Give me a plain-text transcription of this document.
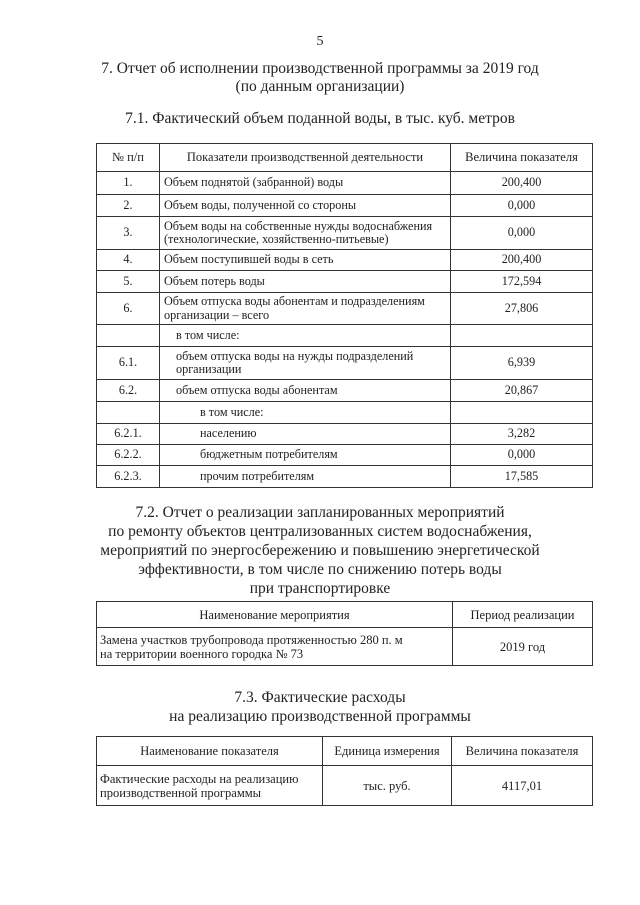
5
7. Отчет об исполнении производственной программы за 2019 год
(по данным организации)
7.1. Фактический объем поданной воды, в тыс. куб. метров
№ п/п	Показатели производственной деятельности	Величина показателя
1.	Объем поднятой (забранной) воды	200,400
2.	Объем воды, полученной со стороны	0,000
3.	Объем воды на собственные нужды водоснабжения (технологические, хозяйственно-питьевые)	0,000
4.	Объем поступившей воды в сеть	200,400
5.	Объем потерь воды	172,594
6.	Объем отпуска воды абонентам и подразделениям организации – всего	27,806
	в том числе:	
6.1.	объем отпуска воды на нужды подразделений организации	6,939
6.2.	объем отпуска воды абонентам	20,867
	в том числе:	
6.2.1.	населению	3,282
6.2.2.	бюджетным потребителям	0,000
6.2.3.	прочим потребителям	17,585
7.2. Отчет о реализации запланированных мероприятий
по ремонту объектов централизованных систем водоснабжения,
мероприятий по энергосбережению и повышению энергетической
эффективности, в том числе по снижению потерь воды
при транспортировке
Наименование мероприятия	Период реализации

Замена участков трубопровода протяженностью 280 п. м
на территории военного городка № 73	2019 год
7.3. Фактические расходы
на реализацию производственной программы
Наименование показателя	Единица измерения	Величина показателя

Фактические расходы на реализацию
производственной программы	тыс. руб.	4117,01
